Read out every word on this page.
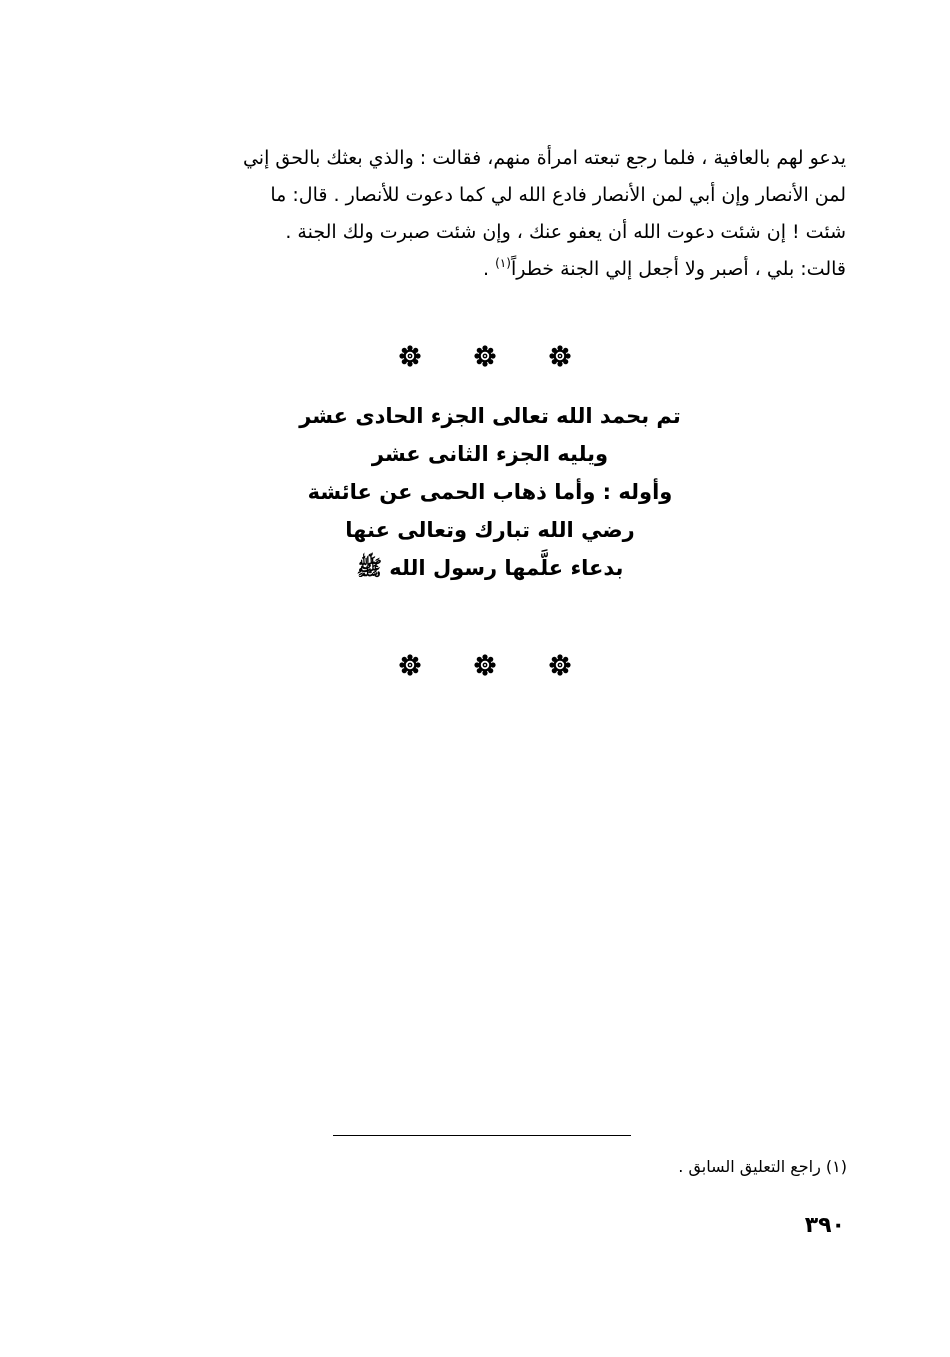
يدعو لهم بالعافية ، فلما رجع تبعته امرأة منهم، فقالت : والذي بعثك بالحق إني
لمن الأنصار وإن أبي لمن الأنصار فادع الله لي كما دعوت للأنصار . قال: ما
شئت ! إن شئت دعوت الله أن يعفو عنك ، وإن شئت صبرت ولك الجنة .
قالت: بلي ، أصبر ولا أجعل إلي الجنة خطراً$^{(١)}$ .
تم بحمد الله تعالى الجزء الحادى عشر
ويليه الجزء الثانى عشر
وأوله : وأما ذهاب الحمى عن عائشة
رضي الله تبارك وتعالى عنها
بدعاء علَّمها رسول الله ﷺ
(١) راجع التعليق السابق .
٣٩٠
